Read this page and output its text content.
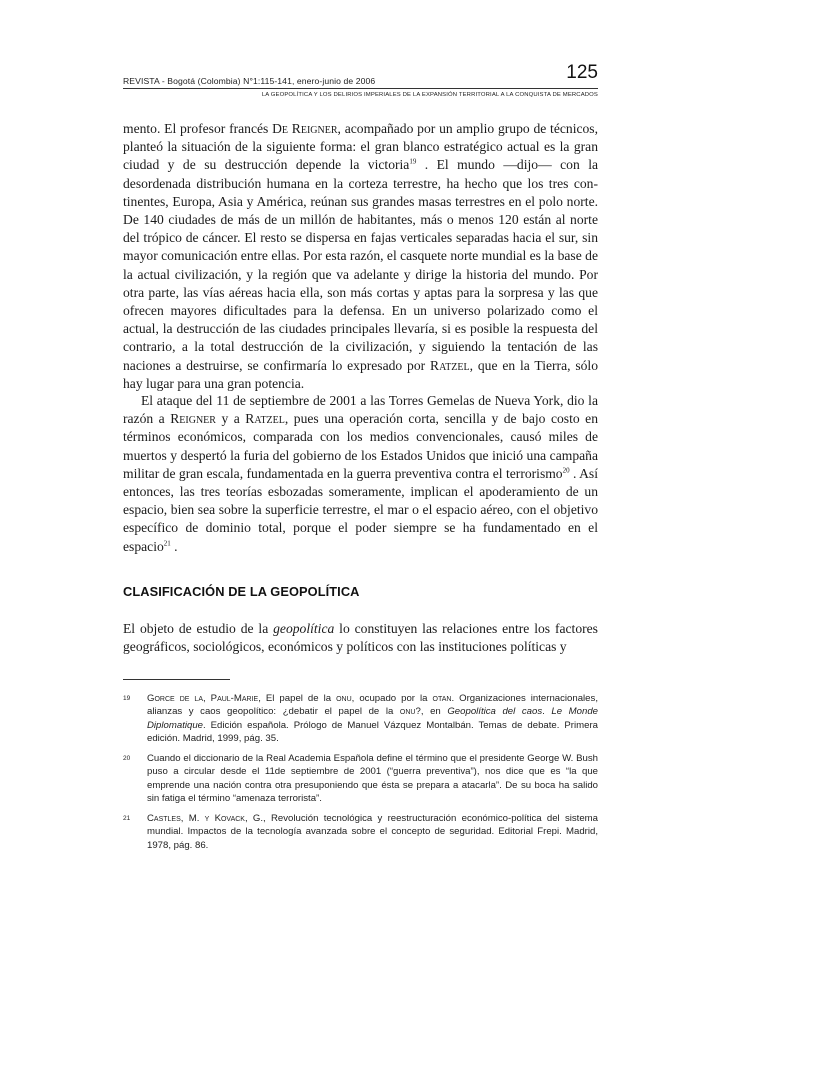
REVISTA - Bogotá (Colombia) N°1:115-141, enero-junio de 2006	125
LA GEOPOLÍTICA Y LOS DELIRIOS IMPERIALES DE LA EXPANSIÓN TERRITORIAL A LA CONQUISTA DE MERCADOS

mento. El profesor francés De Reigner, acompañado por un amplio grupo de técnicos, planteó la situación de la siguiente forma: el gran blanco estratégico actual es la gran ciudad y de su destrucción depende la victoria$^{19}$ . El mundo —dijo— con la desordenada distribución humana en la corteza terrestre, ha hecho que los tres continentes, Europa, Asia y América, reúnan sus grandes masas terrestres en el polo norte. De 140 ciudades de más de un millón de habitantes, más o menos 120 están al norte del trópico de cáncer. El resto se dispersa en fajas verticales separadas hacia el sur, sin mayor comunicación entre ellas. Por esta razón, el casquete norte mundial es la base de la actual civilización, y la región que va adelante y dirige la historia del mundo. Por otra parte, las vías aéreas hacia ella, son más cortas y aptas para la sorpresa y las que ofrecen mayores dificultades para la defensa. En un universo polarizado como el actual, la destrucción de las ciudades principales llevaría, si es posible la respuesta del contrario, a la total destrucción de la civilización, y siguiendo la tentación de las naciones a destruirse, se confirmaría lo expresado por Ratzel, que en la Tierra, sólo hay lugar para una gran potencia.

El ataque del 11 de septiembre de 2001 a las Torres Gemelas de Nueva York, dio la razón a Reigner y a Ratzel, pues una operación corta, sencilla y de bajo costo en términos económicos, comparada con los medios convencionales, causó miles de muertos y despertó la furia del gobierno de los Estados Unidos que inició una campaña militar de gran escala, fundamentada en la guerra preventiva contra el terrorismo$^{20}$ . Así entonces, las tres teorías esbozadas someramente, implican el apoderamiento de un espacio, bien sea sobre la superficie terrestre, el mar o el espacio aéreo, con el objetivo específico de dominio total, porque el poder siempre se ha fundamentado en el espacio$^{21}$ .

CLASIFICACIÓN DE LA GEOPOLÍTICA

El objeto de estudio de la geopolítica lo constituyen las relaciones entre los factores geográficos, sociológicos, económicos y políticos con las instituciones políticas y

19 Gorce de la, Paul-Marie, El papel de la onu, ocupado por la otan. Organizaciones internacionales, alianzas y caos geopolítico: ¿debatir el papel de la onu?, en Geopolítica del caos. Le Monde Diplomatique. Edición española. Prólogo de Manuel Vázquez Montalbán. Temas de debate. Primera edición. Madrid, 1999, pág. 35.
20 Cuando el diccionario de la Real Academia Española define el término que el presidente George W. Bush puso a circular desde el 11de septiembre de 2001 (“guerra preventiva”), nos dice que es “la que emprende una nación contra otra presuponiendo que ésta se prepara a atacarla”. De su boca ha salido sin fatiga el término “amenaza terrorista”.
21 Castles, M. y Kovack, G., Revolución tecnológica y reestructuración económico-política del sistema mundial. Impactos de la tecnología avanzada sobre el concepto de seguridad. Editorial Frepi. Madrid, 1978, pág. 86.
